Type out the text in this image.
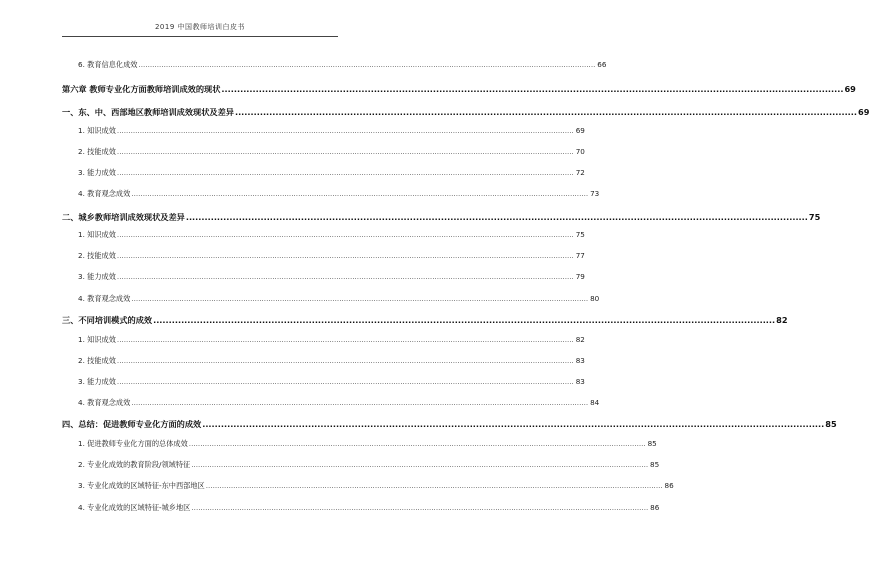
2019 中国教师培训白皮书
6. 教育信息化成效 ........................................................................................................................................................................................................ 66
第六章 教师专业化方面教师培训成效的现状 ........................................................................................................................................................................................................ 69
一、东、中、西部地区教师培训成效现状及差异 ........................................................................................................................................................................................................ 69
1. 知识成效 ........................................................................................................................................................................................................ 69
2. 技能成效 ........................................................................................................................................................................................................ 70
3. 能力成效 ........................................................................................................................................................................................................ 72
4. 教育观念成效 ........................................................................................................................................................................................................ 73
二、城乡教师培训成效现状及差异 ........................................................................................................................................................................................................ 75
1. 知识成效 ........................................................................................................................................................................................................ 75
2. 技能成效 ........................................................................................................................................................................................................ 77
3. 能力成效 ........................................................................................................................................................................................................ 79
4. 教育观念成效 ........................................................................................................................................................................................................ 80
三、不同培训模式的成效 ........................................................................................................................................................................................................ 82
1. 知识成效 ........................................................................................................................................................................................................ 82
2. 技能成效 ........................................................................................................................................................................................................ 83
3. 能力成效 ........................................................................................................................................................................................................ 83
4. 教育观念成效 ........................................................................................................................................................................................................ 84
四、总结：促进教师专业化方面的成效 ........................................................................................................................................................................................................ 85
1. 促进教师专业化方面的总体成效 ........................................................................................................................................................................................................ 85
2. 专业化成效的教育阶段/领域特征 ........................................................................................................................................................................................................ 85
3. 专业化成效的区域特征-东中西部地区 ........................................................................................................................................................................................................ 86
4. 专业化成效的区域特征-城乡地区 ........................................................................................................................................................................................................ 86
